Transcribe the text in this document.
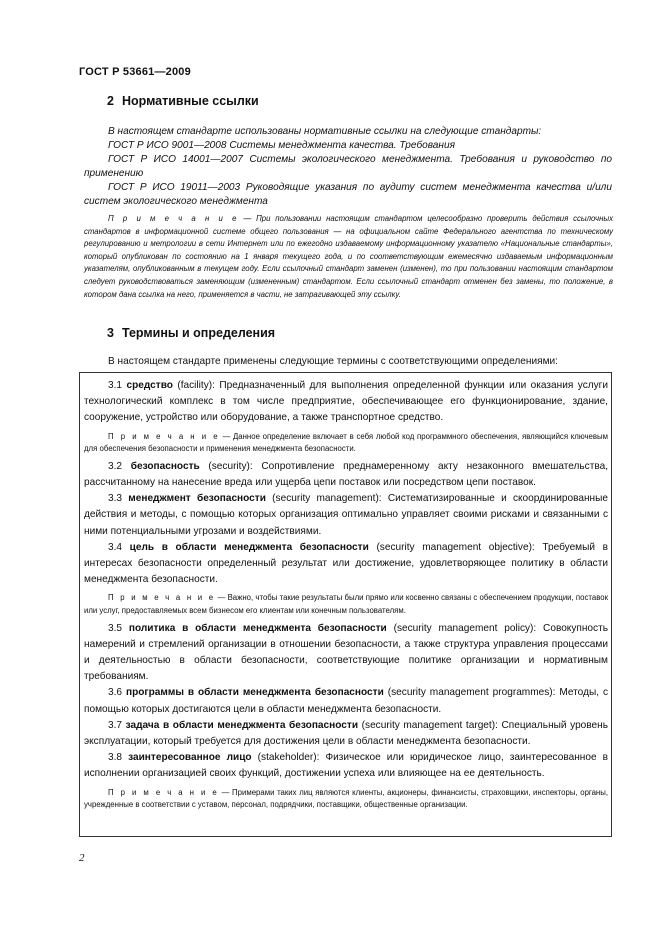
ГОСТ Р 53661—2009
2 Нормативные ссылки

В настоящем стандарте использованы нормативные ссылки на следующие стандарты:

ГОСТ Р ИСО 9001—2008 Системы менеджмента качества. Требования

ГОСТ Р ИСО 14001—2007 Системы экологического менеджмента. Требования и руководство по применению

ГОСТ Р ИСО 19011—2003 Руководящие указания по аудиту систем менеджмента качества и/или систем экологического менеджмента

П р и м е ч а н и е — При пользовании настоящим стандартом целесообразно проверить действия ссылочных стандартов в информационной системе общего пользования — на официальном сайте Федерального агентства по техническому регулированию и метрологии в сети Интернет или по ежегодно издаваемому информационному указателю «Национальные стандарты», который опубликован по состоянию на 1 января текущего года, и по соответствующим ежемесячно издаваемым информационным указателям, опубликованным в текущем году. Если ссылочный стандарт заменен (изменен), то при пользовании настоящим стандартом следует руководствоваться заменяющим (измененным) стандартом. Если ссылочный стандарт отменен без замены, то положение, в котором дана ссылка на него, применяется в части, не затрагивающей эту ссылку.
3 Термины и определения
В настоящем стандарте применены следующие термины с соответствующими определениями:

3.1 средство (facility): Предназначенный для выполнения определенной функции или оказания услуги технологический комплекс в том числе предприятие, обеспечивающее его функционирование, здание, сооружение, устройство или оборудование, а также транспортное средство.

П р и м е ч а н и е — Данное определение включает в себя любой код программного обеспечения, являющийся ключевым для обеспечения безопасности и применения менеджмента безопасности.

3.2 безопасность (security): Сопротивление преднамеренному акту незаконного вмешательства, рассчитанному на нанесение вреда или ущерба цепи поставок или посредством цепи поставок.

3.3 менеджмент безопасности (security management): Систематизированные и скоординированные действия и методы, с помощью которых организация оптимально управляет своими рисками и связанными с ними потенциальными угрозами и воздействиями.

3.4 цель в области менеджмента безопасности (security management objective): Требуемый в интересах безопасности определенный результат или достижение, удовлетворяющее политику в области менеджмента безопасности.

П р и м е ч а н и е — Важно, чтобы такие результаты были прямо или косвенно связаны с обеспечением продукции, поставок или услуг, предоставляемых всем бизнесом его клиентам или конечным пользователям.

3.5 политика в области менеджмента безопасности (security management policy): Совокупность намерений и стремлений организации в отношении безопасности, а также структура управления процессами и деятельностью в области безопасности, соответствующие политике организации и нормативным требованиям.

3.6 программы в области менеджмента безопасности (security management programmes): Методы, с помощью которых достигаются цели в области менеджмента безопасности.

3.7 задача в области менеджмента безопасности (security management target): Специальный уровень эксплуатации, который требуется для достижения цели в области менеджмента безопасности.

3.8 заинтересованное лицо (stakeholder): Физическое или юридическое лицо, заинтересованное в исполнении организацией своих функций, достижении успеха или влияющее на ее деятельность.

П р и м е ч а н и е — Примерами таких лиц являются клиенты, акционеры, финансисты, страховщики, инспекторы, органы, учрежденные в соответствии с уставом, персонал, подрядчики, поставщики, общественные организации.

2
